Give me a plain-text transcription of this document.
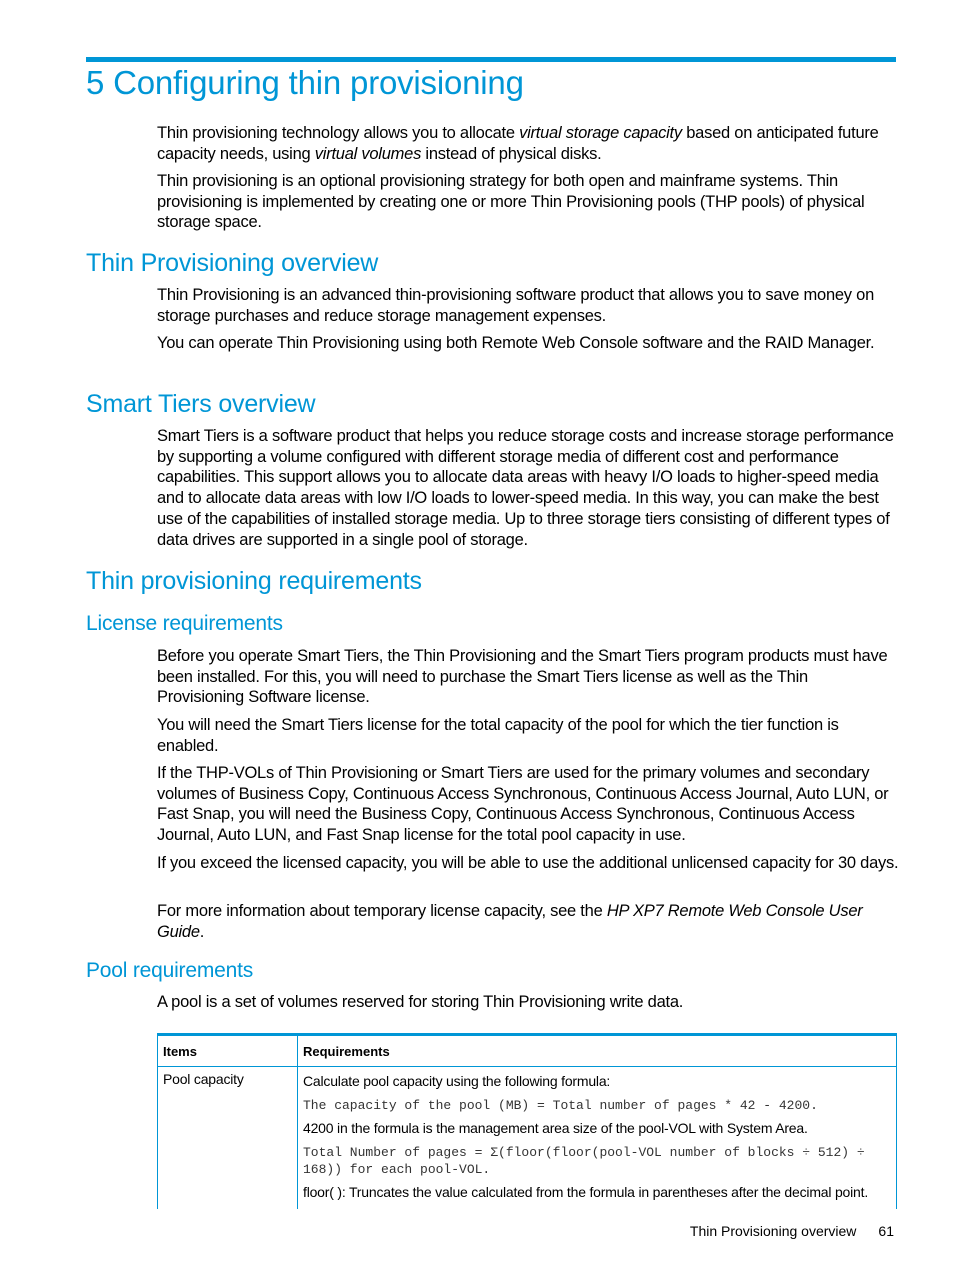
5 Configuring thin provisioning

Thin provisioning technology allows you to allocate virtual storage capacity based on anticipated future capacity needs, using virtual volumes instead of physical disks.

Thin provisioning is an optional provisioning strategy for both open and mainframe systems. Thin provisioning is implemented by creating one or more Thin Provisioning pools (THP pools) of physical storage space.

Thin Provisioning overview

Thin Provisioning is an advanced thin-provisioning software product that allows you to save money on storage purchases and reduce storage management expenses.

You can operate Thin Provisioning using both Remote Web Console software and the RAID Manager.

Smart Tiers overview

Smart Tiers is a software product that helps you reduce storage costs and increase storage performance by supporting a volume configured with different storage media of different cost and performance capabilities. This support allows you to allocate data areas with heavy I/O loads to higher-speed media and to allocate data areas with low I/O loads to lower-speed media. In this way, you can make the best use of the capabilities of installed storage media. Up to three storage tiers consisting of different types of data drives are supported in a single pool of storage.

Thin provisioning requirements
License requirements

Before you operate Smart Tiers, the Thin Provisioning and the Smart Tiers program products must have been installed. For this, you will need to purchase the Smart Tiers license as well as the Thin Provisioning Software license.

You will need the Smart Tiers license for the total capacity of the pool for which the tier function is enabled.

If the THP-VOLs of Thin Provisioning or Smart Tiers are used for the primary volumes and secondary volumes of Business Copy, Continuous Access Synchronous, Continuous Access Journal, Auto LUN, or Fast Snap, you will need the Business Copy, Continuous Access Synchronous, Continuous Access Journal, Auto LUN, and Fast Snap license for the total pool capacity in use.

If you exceed the licensed capacity, you will be able to use the additional unlicensed capacity for 30 days.

For more information about temporary license capacity, see the HP XP7 Remote Web Console User Guide.

Pool requirements

A pool is a set of volumes reserved for storing Thin Provisioning write data.

Items	Requirements
Pool capacity	Calculate pool capacity using the following formula:
The capacity of the pool (MB) = Total number of pages * 42 - 4200.
4200 in the formula is the management area size of the pool-VOL with System Area.
Total Number of pages = Σ(floor(floor(pool-VOL number of blocks ÷ 512) ÷ 168)) for each pool-VOL.
floor( ): Truncates the value calculated from the formula in parentheses after the decimal point.
Thin Provisioning overview 61
